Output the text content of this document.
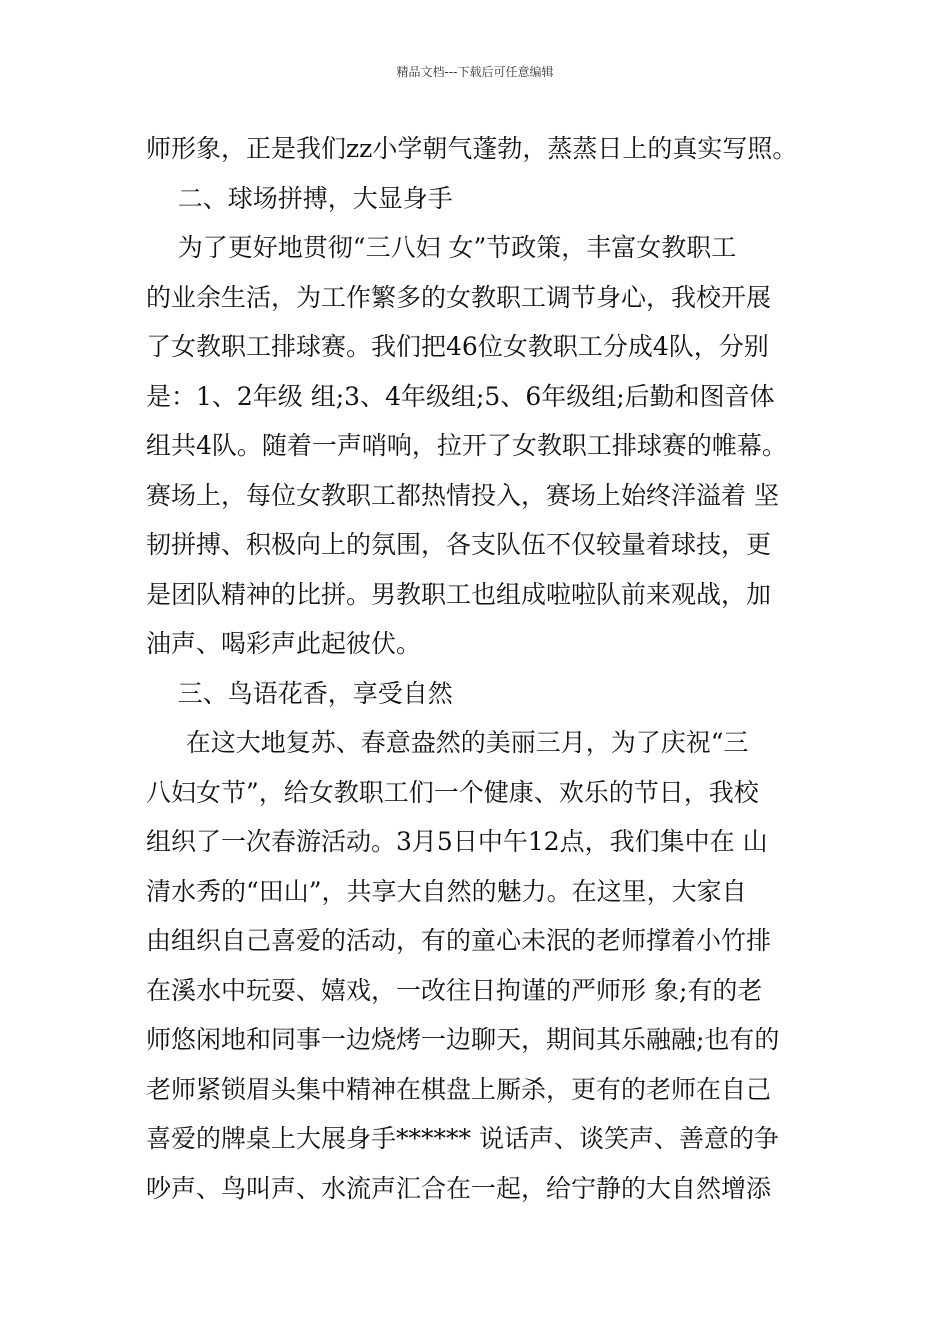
精品文档---下载后可任意编辑
师形象，正是我们zz小学朝气蓬勃，蒸蒸日上的真实写照。
二、球场拼搏，大显身手
为了更好地贯彻“三八妇 女”节政策，丰富女教职工
的业余生活，为工作繁多的女教职工调节身心，我校开展
了女教职工排球赛。我们把46位女教职工分成4队，分别
是：1、2年级 组;3、4年级组;5、6年级组;后勤和图音体
组共4队。随着一声哨响，拉开了女教职工排球赛的帷幕。
赛场上，每位女教职工都热情投入，赛场上始终洋溢着 坚
韧拼搏、积极向上的氛围，各支队伍不仅较量着球技，更
是团队精神的比拼。男教职工也组成啦啦队前来观战，加
油声、喝彩声此起彼伏。
三、鸟语花香，享受自然
在这大地复苏、春意盎然的美丽三月，为了庆祝“三
八妇女节”，给女教职工们一个健康、欢乐的节日，我校
组织了一次春游活动。3月5日中午12点，我们集中在 山
清水秀的“田山”，共享大自然的魅力。在这里，大家自
由组织自己喜爱的活动，有的童心未泯的老师撑着小竹排
在溪水中玩耍、嬉戏，一改往日拘谨的严师形 象;有的老
师悠闲地和同事一边烧烤一边聊天，期间其乐融融;也有的
老师紧锁眉头集中精神在棋盘上厮杀，更有的老师在自己
喜爱的牌桌上大展身手****** 说话声、谈笑声、善意的争
吵声、鸟叫声、水流声汇合在一起，给宁静的大自然增添
